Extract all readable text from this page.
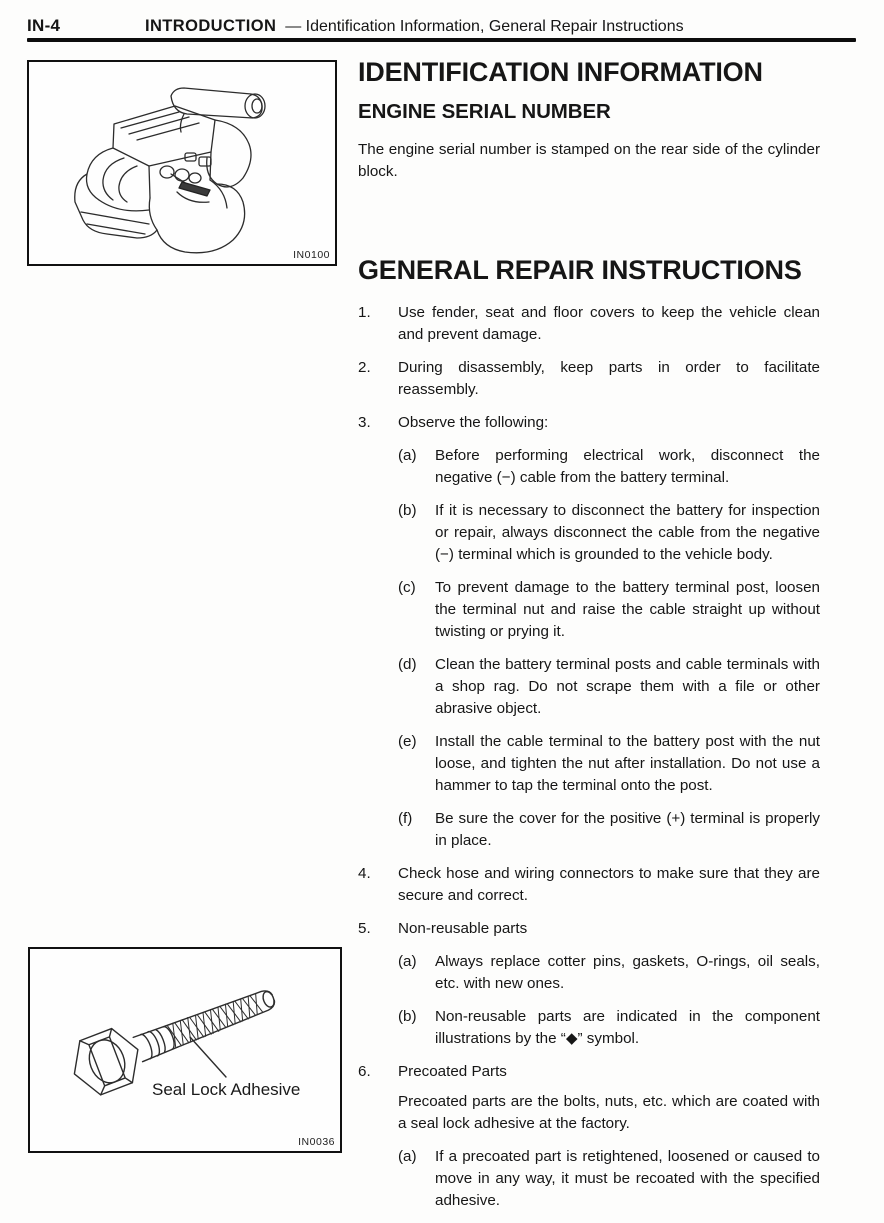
IN-4	INTRODUCTION — Identification Information, General Repair Instructions
IN0100
IDENTIFICATION INFORMATION
ENGINE SERIAL NUMBER

The engine serial number is stamped on the rear side of the cylinder block.

GENERAL REPAIR INSTRUCTIONS
1.	Use fender, seat and floor covers to keep the vehicle clean and prevent damage.

2.	During disassembly, keep parts in order to facilitate reassembly.

3.	Observe the following:

(a)	Before performing electrical work, disconnect the negative (−) cable from the battery terminal.

(b)	If it is necessary to disconnect the battery for inspection or repair, always disconnect the cable from the negative (−) terminal which is grounded to the vehicle body.

(c)	To prevent damage to the battery terminal post, loosen the terminal nut and raise the cable straight up without twisting or prying it.

(d)	Clean the battery terminal posts and cable terminals with a shop rag. Do not scrape them with a file or other abrasive object.

(e)	Install the cable terminal to the battery post with the nut loose, and tighten the nut after installation. Do not use a hammer to tap the terminal onto the post.

(f)	Be sure the cover for the positive (+) terminal is properly in place.

4.	Check hose and wiring connectors to make sure that they are secure and correct.

5.	Non-reusable parts

(a)	Always replace cotter pins, gaskets, O-rings, oil seals, etc. with new ones.

(b)	Non-reusable parts are indicated in the component illustrations by the “◆” symbol.

6.	Precoated Parts

Precoated parts are the bolts, nuts, etc. which are coated with a seal lock adhesive at the factory.

(a)	If a precoated part is retightened, loosened or caused to move in any way, it must be recoated with the specified adhesive.

Seal Lock Adhesive
IN0036
